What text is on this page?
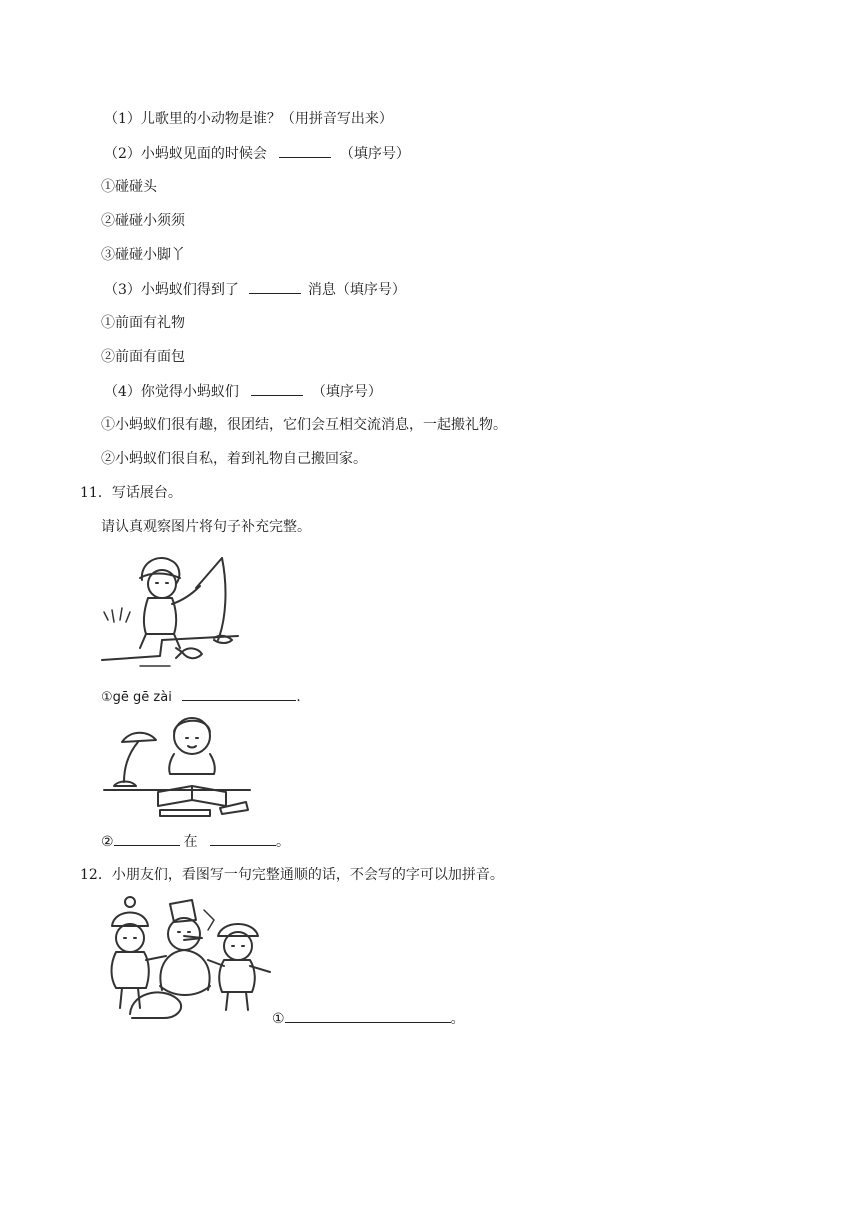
（1）儿歌里的小动物是谁？（用拼音写出来）
（2）小蚂蚁见面的时候会	（填序号）
①碰碰头
②碰碰小须须
③碰碰小脚丫
（3）小蚂蚁们得到了	消息（填序号）
①前面有礼物
②前面有面包
（4）你觉得小蚂蚁们	（填序号）
①小蚂蚁们很有趣，很团结，它们会互相交流消息，一起搬礼物。
②小蚂蚁们很自私，着到礼物自己搬回家。
11．写话展台。
请认真观察图片将句子补充完整。
①gē gē zài	.
②	在	。
12．小朋友们，看图写一句完整通顺的话，不会写的字可以加拼音。
①	。
